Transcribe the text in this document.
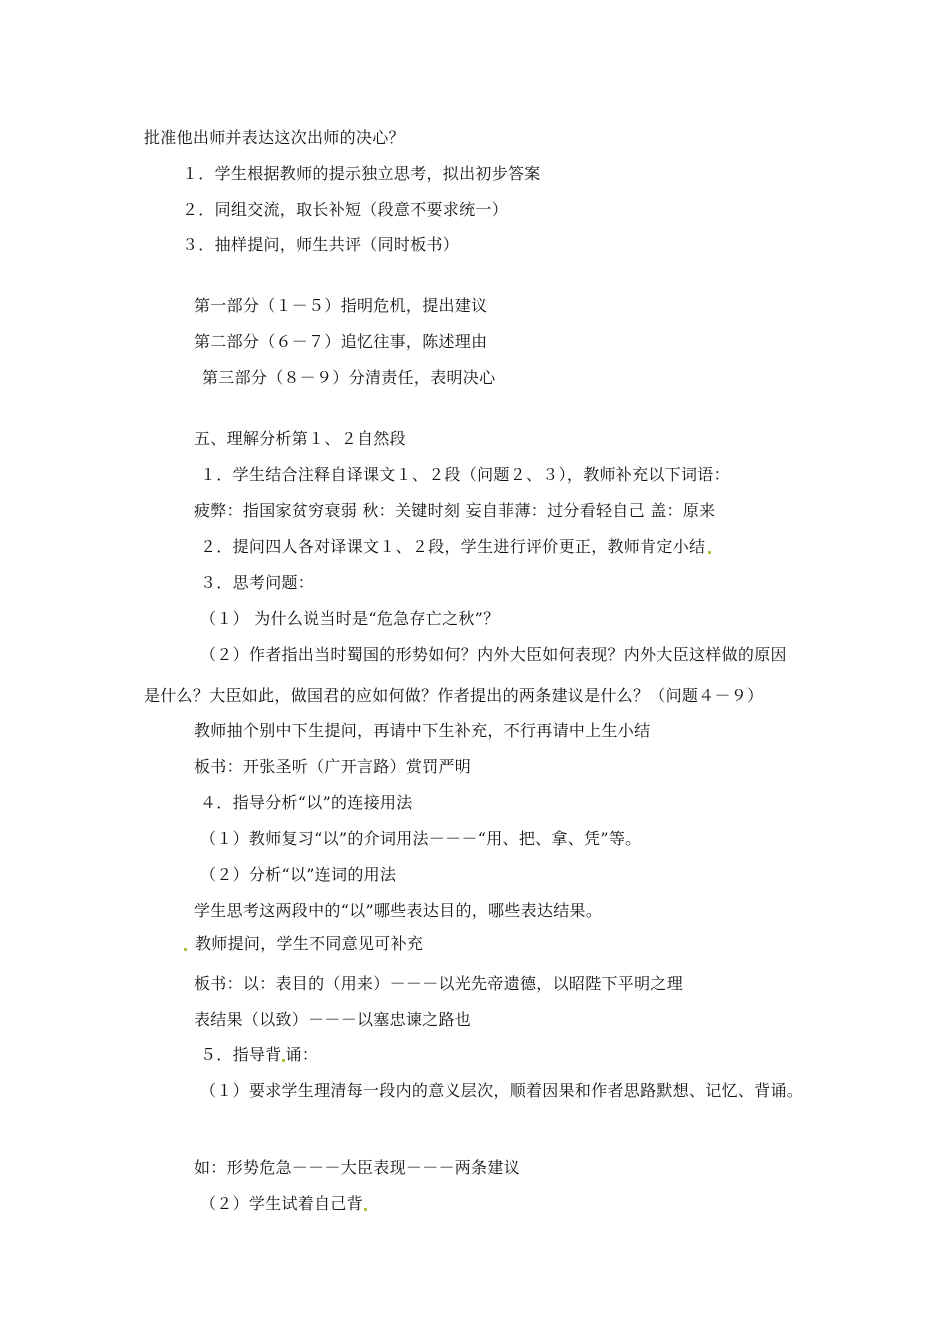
批准他出师并表达这次出师的决心？
１．学生根据教师的提示独立思考，拟出初步答案
２．同组交流，取长补短（段意不要求统一）
３．抽样提问，师生共评（同时板书）
第一部分（１－５）指明危机，提出建议
第二部分（６－７）追忆往事，陈述理由
第三部分（８－９）分清责任，表明决心
五、理解分析第１、２自然段
１．学生结合注释自译课文１、２段（问题２、３），教师补充以下词语：
疲弊：指国家贫穷衰弱 秋：关键时刻 妄自菲薄：过分看轻自己 盖：原来
２．提问四人各对译课文１、２段，学生进行评价更正，教师肯定小结
３．思考问题：
（１） 为什么说当时是“危急存亡之秋”？
（２）作者指出当时蜀国的形势如何？内外大臣如何表现？内外大臣这样做的原因
是什么？大臣如此，做国君的应如何做？作者提出的两条建议是什么？（问题４－９）
教师抽个别中下生提问，再请中下生补充，不行再请中上生小结
板书：开张圣听（广开言路）赏罚严明
４．指导分析“以”的连接用法
（１）教师复习“以”的介词用法－－－“用、把、拿、凭”等。
（２）分析“以”连词的用法
学生思考这两段中的“以”哪些表达目的，哪些表达结果。
教师提问，学生不同意见可补充
板书：以：表目的（用来）－－－以光先帝遗德，以昭陛下平明之理
表结果（以致）－－－以塞忠谏之路也
５．指导背 诵：
（１）要求学生理清每一段内的意义层次，顺着因果和作者思路默想、记忆、背诵。
如：形势危急－－－大臣表现－－－两条建议
（２）学生试着自己背
